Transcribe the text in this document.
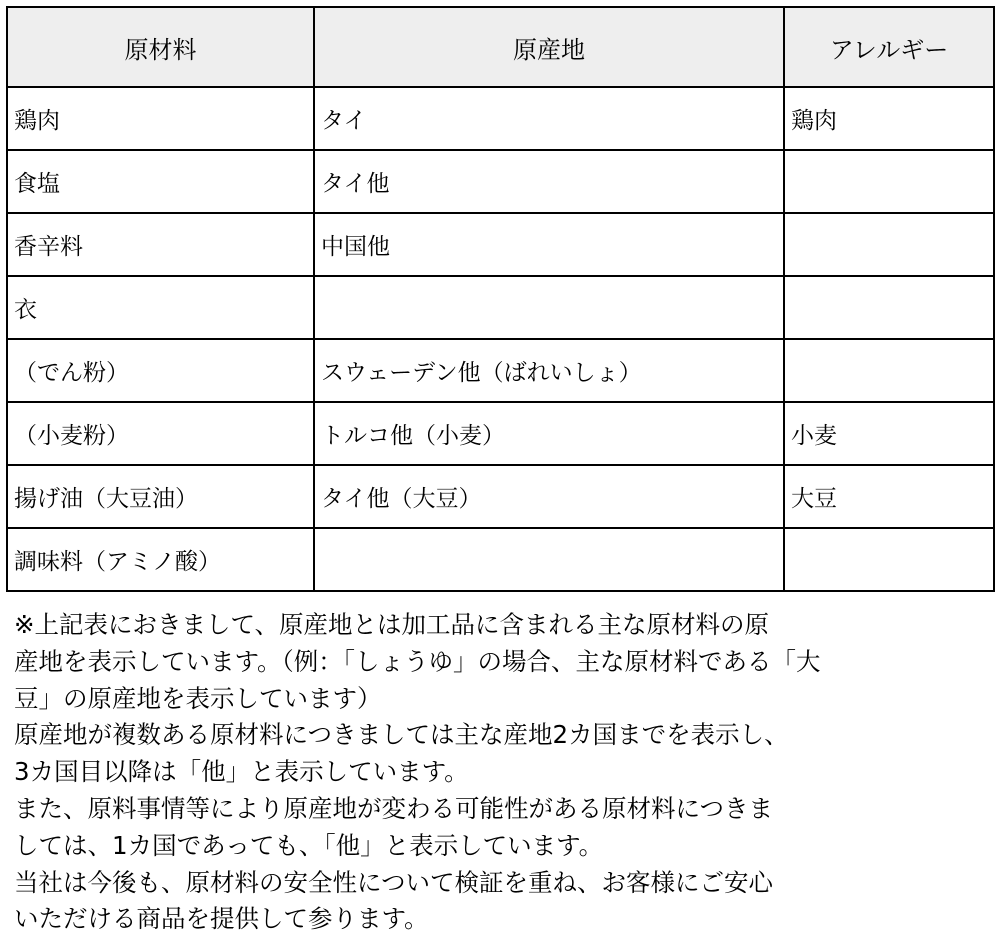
原材料	原産地	アレルギー
鶏肉	タイ	鶏肉
食塩	タイ他	
香辛料	中国他	
衣		
（でん粉）	スウェーデン他（ばれいしょ）	
（小麦粉）	トルコ他（小麦）	小麦
揚げ油（大豆油）	タイ他（大豆）	大豆
調味料（アミノ酸）		

※上記表におきまして、原産地とは加工品に含まれる主な原材料の原

産地を表示しています。（例：「しょうゆ」の場合、主な原材料である「大

豆」の原産地を表示しています）

原産地が複数ある原材料につきましては主な産地2カ国までを表示し、

3カ国目以降は「他」と表示しています。

また、原料事情等により原産地が変わる可能性がある原材料につきま

しては、1カ国であっても、「他」と表示しています。

当社は今後も、原材料の安全性について検証を重ね、お客様にご安心

いただける商品を提供して参ります。
